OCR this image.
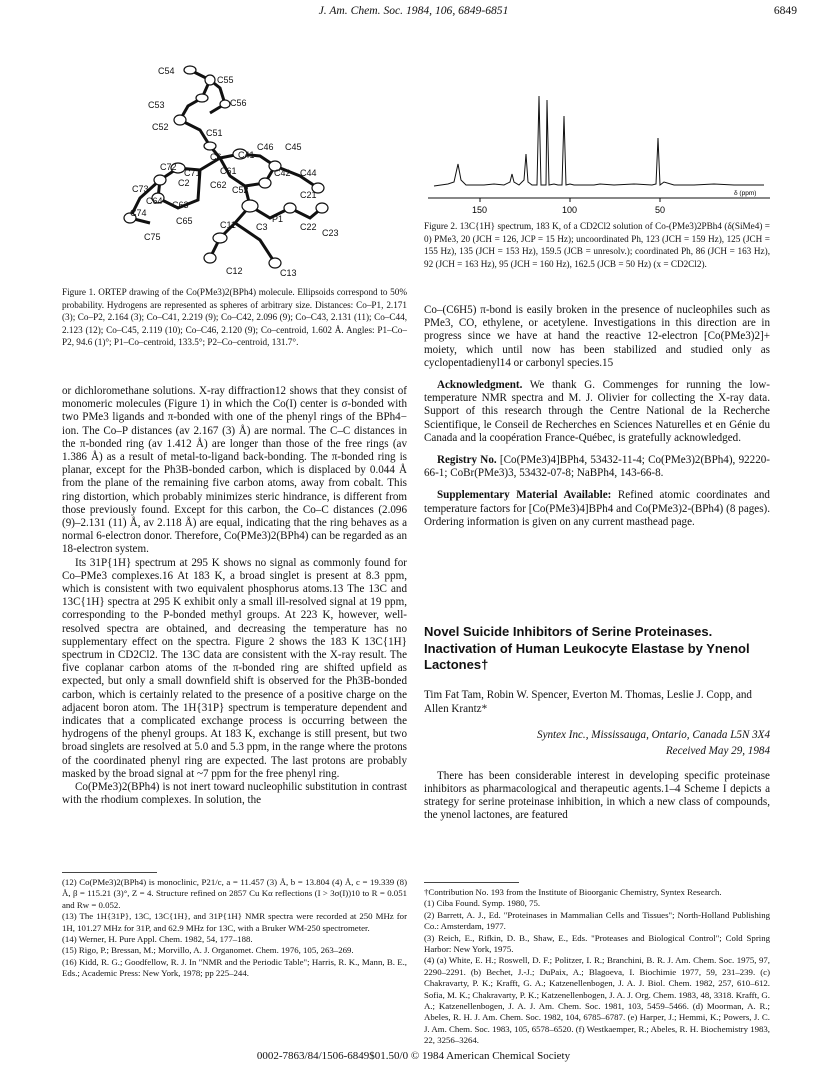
J. Am. Chem. Soc. 1984, 106, 6849-6851	6849
C54
C55
C53	C56
C52
C51
C41
C46 C45
C6
C72
C71 C61	C42 C44
C2
C73	C62
C63
C64
C52	C21
C74
C75
C65	C11 C3
P1
C22
C23
C12	C13
Figure 1. ORTEP drawing of the Co(PMe3)2(BPh4) molecule. Ellipsoids correspond to 50% probability. Hydrogens are represented as spheres of arbitrary size. Distances: Co–P1, 2.171 (3); Co–P2, 2.164 (3); Co–C41, 2.219 (9); Co–C42, 2.096 (9); Co–C43, 2.131 (11); Co–C44, 2.123 (12); Co–C45, 2.119 (10); Co–C46, 2.120 (9); Co–centroid, 1.602 Å. Angles: P1–Co–P2, 94.6 (1)°; P1–Co–centroid, 133.5°; P2–Co–centroid, 131.7°.
150	100	50
δ (ppm)
Figure 2. 13C{1H} spectrum, 183 K, of a CD2Cl2 solution of Co-(PMe3)2PBh4 (δ(SiMe4) = 0) PMe3, 20 (JCH = 126, JCP = 15 Hz); uncoordinated Ph, 123 (JCH = 159 Hz), 125 (JCH = 155 Hz), 135 (JCH = 153 Hz), 159.5 (JCB = unresolv.); coordinated Ph, 86 (JCH = 163 Hz), 92 (JCH = 163 Hz), 95 (JCH = 160 Hz), 162.5 (JCB = 50 Hz) (x = CD2Cl2).

or dichloromethane solutions. X-ray diffraction12 shows that they consist of monomeric molecules (Figure 1) in which the Co(I) center is σ-bonded with two PMe3 ligands and π-bonded with one of the phenyl rings of the BPh4− ion. The Co–P distances (av 2.167 (3) Å) are normal. The C–C distances in the π-bonded ring (av 1.412 Å) are longer than those of the free rings (av 1.386 Å) as a result of metal-to-ligand back-bonding. The π-bonded ring is planar, except for the Ph3B-bonded carbon, which is displaced by 0.044 Å from the plane of the remaining five carbon atoms, away from cobalt. This ring distortion, which probably minimizes steric hindrance, is different from those previously found. Except for this carbon, the Co–C distances (2.096 (9)–2.131 (11) Å, av 2.118 Å) are equal, indicating that the ring behaves as a normal 6-electron donor. Therefore, Co(PMe3)2(BPh4) can be regarded as an 18-electron system.

Its 31P{1H} spectrum at 295 K shows no signal as commonly found for Co–PMe3 complexes.16 At 183 K, a broad singlet is present at 8.3 ppm, which is consistent with two equivalent phosphorus atoms.13 The 13C and 13C{1H} spectra at 295 K exhibit only a small ill-resolved signal at 19 ppm, corresponding to the P-bonded methyl groups. At 223 K, however, well-resolved spectra are obtained, and decreasing the temperature has no supplementary effect on the spectra. Figure 2 shows the 183 K 13C{1H} spectrum in CD2Cl2. The 13C data are consistent with the X-ray result. The five coplanar carbon atoms of the π-bonded ring are shifted upfield as expected, but only a small downfield shift is observed for the Ph3B-bonded carbon, which is certainly related to the presence of a positive charge on the adjacent boron atom. The 1H{31P} spectrum is temperature dependent and indicates that a complicated exchange process is occurring between the hydrogens of the phenyl groups. At 183 K, exchange is still present, but two broad singlets are resolved at 5.0 and 5.3 ppm, in the range where the protons of the coordinated phenyl ring are expected. The last protons are probably masked by the broad signal at ~7 ppm for the free phenyl ring.

Co(PMe3)2(BPh4) is not inert toward nucleophilic substitution in contrast with the rhodium complexes. In solution, the

(12) Co(PMe3)2(BPh4) is monoclinic, P21/c, a = 11.457 (3) Å, b = 13.804 (4) Å, c = 19.339 (8) Å, β = 115.21 (3)°, Z = 4. Structure refined on 2857 Cu Kα reflections (I > 3σ(I))10 to R = 0.051 and Rw = 0.052.

(13) The 1H{31P}, 13C, 13C{1H}, and 31P{1H} NMR spectra were recorded at 250 MHz for 1H, 101.27 MHz for 31P, and 62.9 MHz for 13C, with a Bruker WM-250 spectrometer.

(14) Werner, H. Pure Appl. Chem. 1982, 54, 177–188.

(15) Rigo, P.; Bressan, M.; Morvillo, A. J. Organomet. Chem. 1976, 105, 263–269.

(16) Kidd, R. G.; Goodfellow, R. J. In "NMR and the Periodic Table"; Harris, R. K., Mann, B. E., Eds.; Academic Press: New York, 1978; pp 225–244.

Co–(C6H5) π-bond is easily broken in the presence of nucleophiles such as PMe3, CO, ethylene, or acetylene. Investigations in this direction are in progress since we have at hand the reactive 12-electron [Co(PMe3)2]+ moiety, which until now has been stabilized and studied only as cyclopentadienyl14 or carbonyl species.15

Acknowledgment. We thank G. Commenges for running the low-temperature NMR spectra and M. J. Olivier for collecting the X-ray data. Support of this research through the Centre National de la Recherche Scientifique, le Conseil de Recherches en Sciences Naturelles et en Génie du Canada and la coopération France-Québec, is gratefully acknowledged.

Registry No. [Co(PMe3)4]BPh4, 53432-11-4; Co(PMe3)2(BPh4), 92220-66-1; CoBr(PMe3)3, 53432-07-8; NaBPh4, 143-66-8.

Supplementary Material Available: Refined atomic coordinates and temperature factors for [Co(PMe3)4]BPh4 and Co(PMe3)2-(BPh4) (8 pages). Ordering information is given on any current masthead page.

Novel Suicide Inhibitors of Serine Proteinases. Inactivation of Human Leukocyte Elastase by Ynenol Lactones†
Tim Fat Tam, Robin W. Spencer, Everton M. Thomas, Leslie J. Copp, and Allen Krantz*
Syntex Inc., Mississauga, Ontario, Canada L5N 3X4
Received May 29, 1984

There has been considerable interest in developing specific proteinase inhibitors as pharmacological and therapeutic agents.1–4 Scheme I depicts a strategy for serine proteinase inhibition, in which a new class of compounds, the ynenol lactones, are featured

†Contribution No. 193 from the Institute of Bioorganic Chemistry, Syntex Research.

(1) Ciba Found. Symp. 1980, 75.

(2) Barrett, A. J., Ed. "Proteinases in Mammalian Cells and Tissues"; North-Holland Publishing Co.: Amsterdam, 1977.

(3) Reich, E., Rifkin, D. B., Shaw, E., Eds. "Proteases and Biological Control"; Cold Spring Harbor: New York, 1975.

(4) (a) White, E. H.; Roswell, D. F.; Politzer, I. R.; Branchini, B. R. J. Am. Chem. Soc. 1975, 97, 2290–2291. (b) Bechet, J.-J.; DuPaix, A.; Blagoeva, I. Biochimie 1977, 59, 231–239. (c) Chakravarty, P. K.; Krafft, G. A.; Katzenellenbogen, J. A. J. Biol. Chem. 1982, 257, 610–612. Sofia, M. K.; Chakravarty, P. K.; Katzenellenbogen, J. A. J. Org. Chem. 1983, 48, 3318. Krafft, G. A.; Katzenellenbogen, J. A. J. Am. Chem. Soc. 1981, 103, 5459–5466. (d) Moorman, A. R.; Abeles, R. H. J. Am. Chem. Soc. 1982, 104, 6785–6787. (e) Harper, J.; Hemmi, K.; Powers, J. C. J. Am. Chem. Soc. 1983, 105, 6578–6520. (f) Westkaemper, R.; Abeles, R. H. Biochemistry 1983, 22, 3256–3264.

0002-7863/84/1506-6849$01.50/0 © 1984 American Chemical Society
